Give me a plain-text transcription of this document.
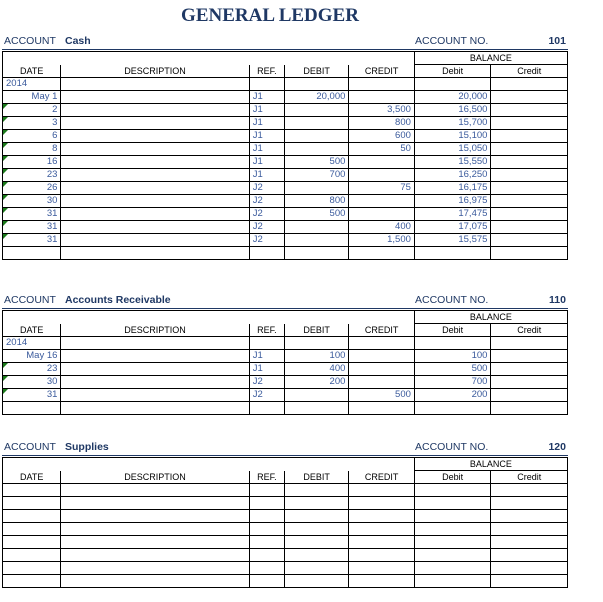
GENERAL LEDGER
ACCOUNT Cash	ACCOUNT NO.	101
					BALANCE	
DATE	DESCRIPTION	REF.	DEBIT	CREDIT	Debit	Credit
2014						
May 1		J1	20,000		20,000	
2		J1		3,500	16,500	
3		J1		800	15,700	
6		J1		600	15,100	
8		J1		50	15,050	
16		J1	500		15,550	
23		J1	700		16,250	
26		J2		75	16,175	
30		J2	800		16,975	
31		J2	500		17,475	
31		J2		400	17,075	
31		J2		1,500	15,575	

ACCOUNT Accounts Receivable	ACCOUNT NO.	110
					BALANCE	
DATE	DESCRIPTION	REF.	DEBIT	CREDIT	Debit	Credit
2014						
May 16		J1	100		100	
23		J1	400		500	
30		J2	200		700	
31		J2		500	200	

ACCOUNT Supplies	ACCOUNT NO.	120
					BALANCE	
DATE	DESCRIPTION	REF.	DEBIT	CREDIT	Debit	Credit
